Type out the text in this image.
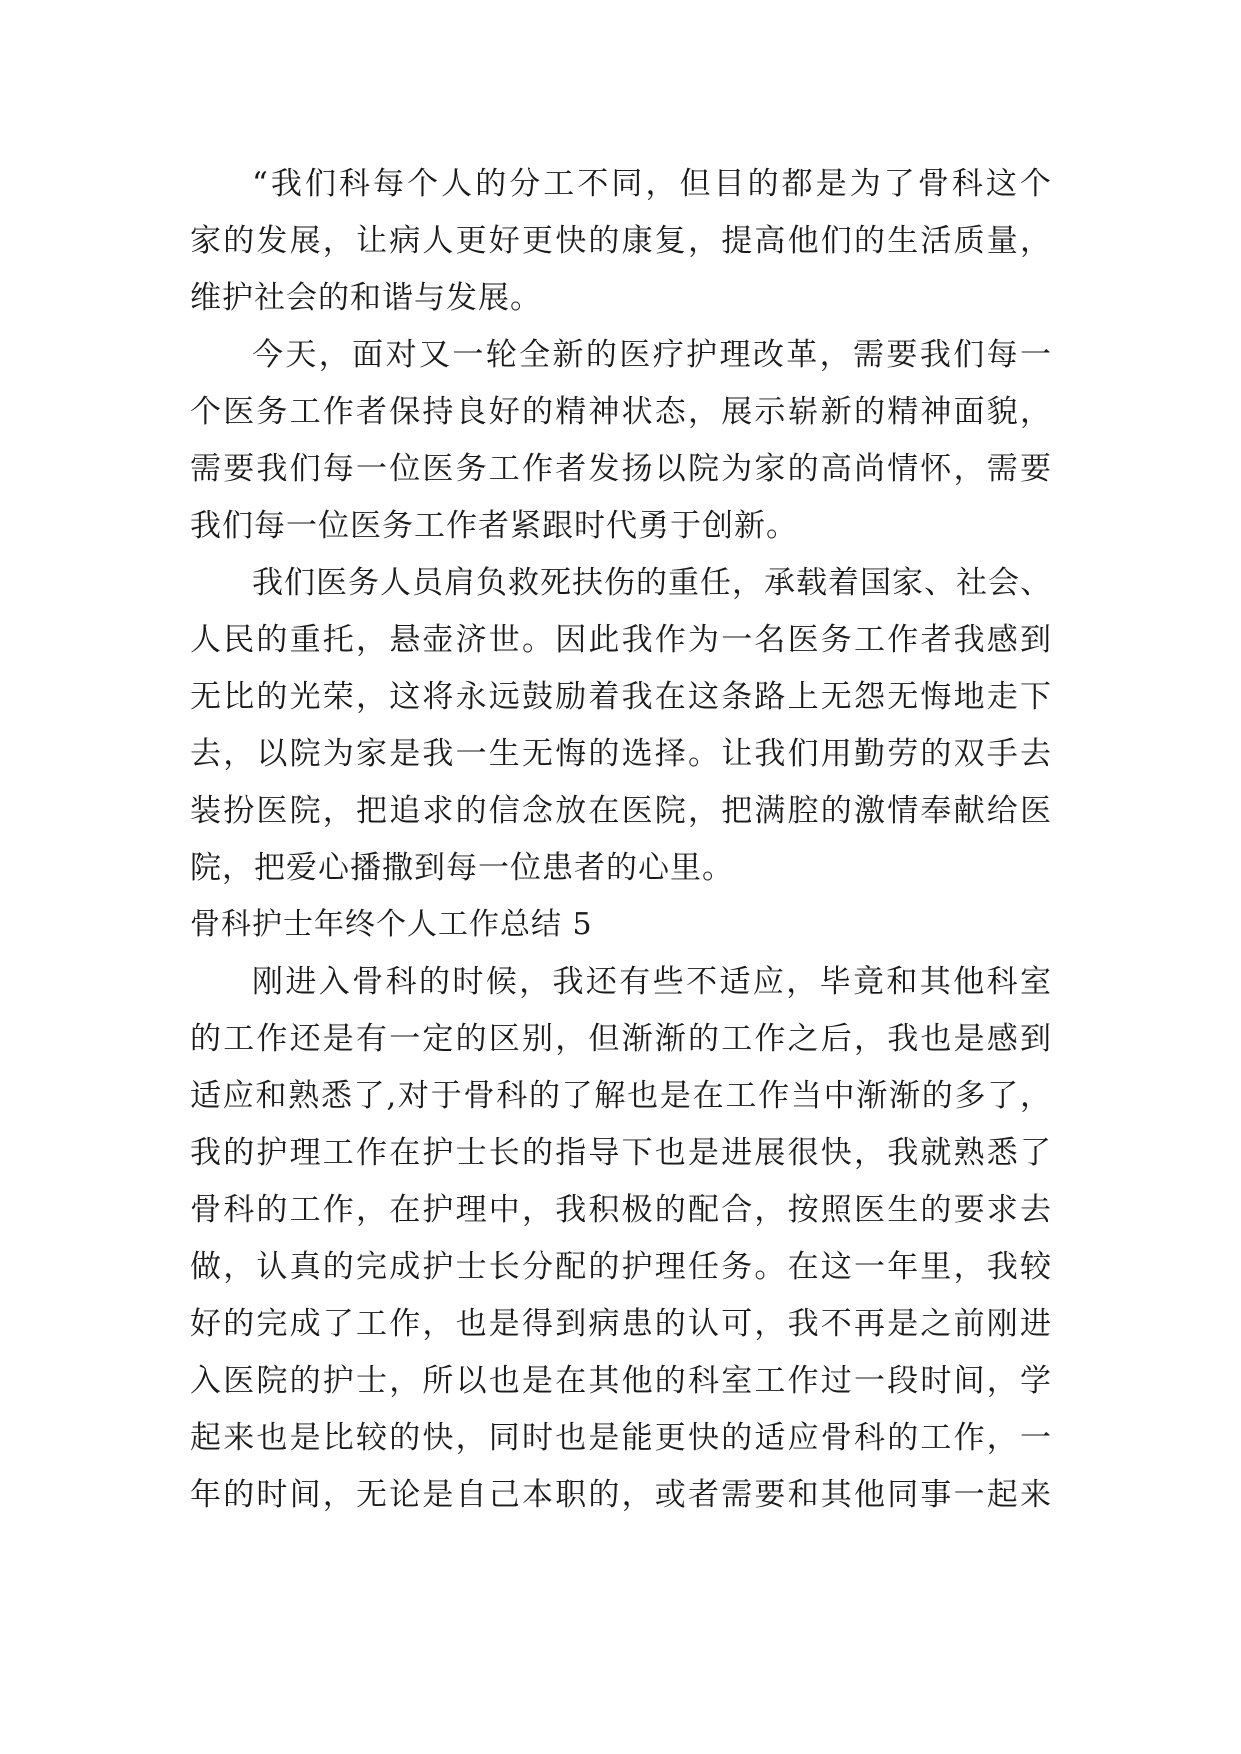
“我们科每个人的分工不同，但目的都是为了骨科这个
家的发展，让病人更好更快的康复，提高他们的生活质量，
维护社会的和谐与发展。
今天，面对又一轮全新的医疗护理改革，需要我们每一
个医务工作者保持良好的精神状态，展示崭新的精神面貌，
需要我们每一位医务工作者发扬以院为家的高尚情怀，需要
我们每一位医务工作者紧跟时代勇于创新。
我们医务人员肩负救死扶伤的重任，承载着国家、社会、
人民的重托，悬壶济世。因此我作为一名医务工作者我感到
无比的光荣，这将永远鼓励着我在这条路上无怨无悔地走下
去，以院为家是我一生无悔的选择。让我们用勤劳的双手去
装扮医院，把追求的信念放在医院，把满腔的激情奉献给医
院，把爱心播撒到每一位患者的心里。
骨科护士年终个人工作总结 5
刚进入骨科的时候，我还有些不适应，毕竟和其他科室
的工作还是有一定的区别，但渐渐的工作之后，我也是感到
适应和熟悉了,对于骨科的了解也是在工作当中渐渐的多了，
我的护理工作在护士长的指导下也是进展很快，我就熟悉了
骨科的工作，在护理中，我积极的配合，按照医生的要求去
做，认真的完成护士长分配的护理任务。在这一年里，我较
好的完成了工作，也是得到病患的认可，我不再是之前刚进
入医院的护士，所以也是在其他的科室工作过一段时间，学
起来也是比较的快，同时也是能更快的适应骨科的工作，一
年的时间，无论是自己本职的，或者需要和其他同事一起来
